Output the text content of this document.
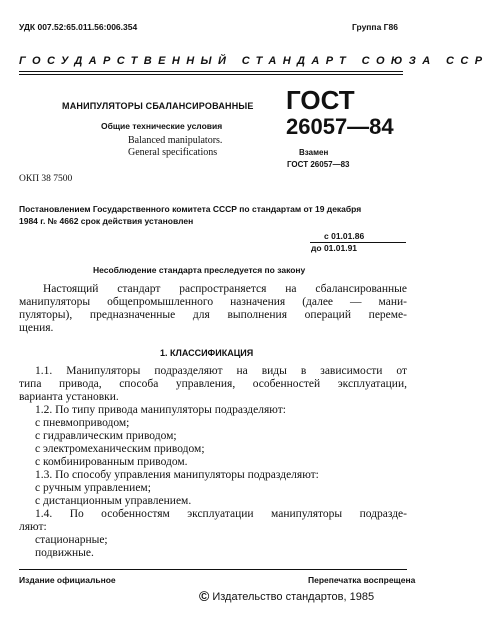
УДК 007.52:65.011.56:006.354	Группа Г86
ГОСУДАРСТВЕННЫЙ СТАНДАРТ СОЮЗА ССР
МАНИПУЛЯТОРЫ СБАЛАНСИРОВАННЫЕ
Общие технические условия
Balanced manipulators.
General specifications
ГОСТ
26057—84
Взамен
ГОСТ 26057—83
ОКП 38 7500
Постановлением Государственного комитета СССР по стандартам от 19 декабря
1984 г. № 4662 срок действия установлен
с 01.01.86
до 01.01.91
Несоблюдение стандарта преследуется по закону
Настоящий стандарт распространяется на сбалансированные
манипуляторы общепромышленного назначения (далее — мани-
пуляторы), предназначенные для выполнения операций переме-
щения.
1. КЛАССИФИКАЦИЯ
1.1. Манипуляторы подразделяют на виды в зависимости от
типа привода, способа управления, особенностей эксплуатации,
варианта установки.
1.2. По типу привода манипуляторы подразделяют:
с пневмоприводом;
с гидравлическим приводом;
с электромеханическим приводом;
с комбинированным приводом.
1.3. По способу управления манипуляторы подразделяют:
с ручным управлением;
с дистанционным управлением.
1.4. По особенностям эксплуатации манипуляторы подразде-
ляют:
стационарные;
подвижные.
Издание официальное	Перепечатка воспрещена
© Издательство стандартов, 1985
